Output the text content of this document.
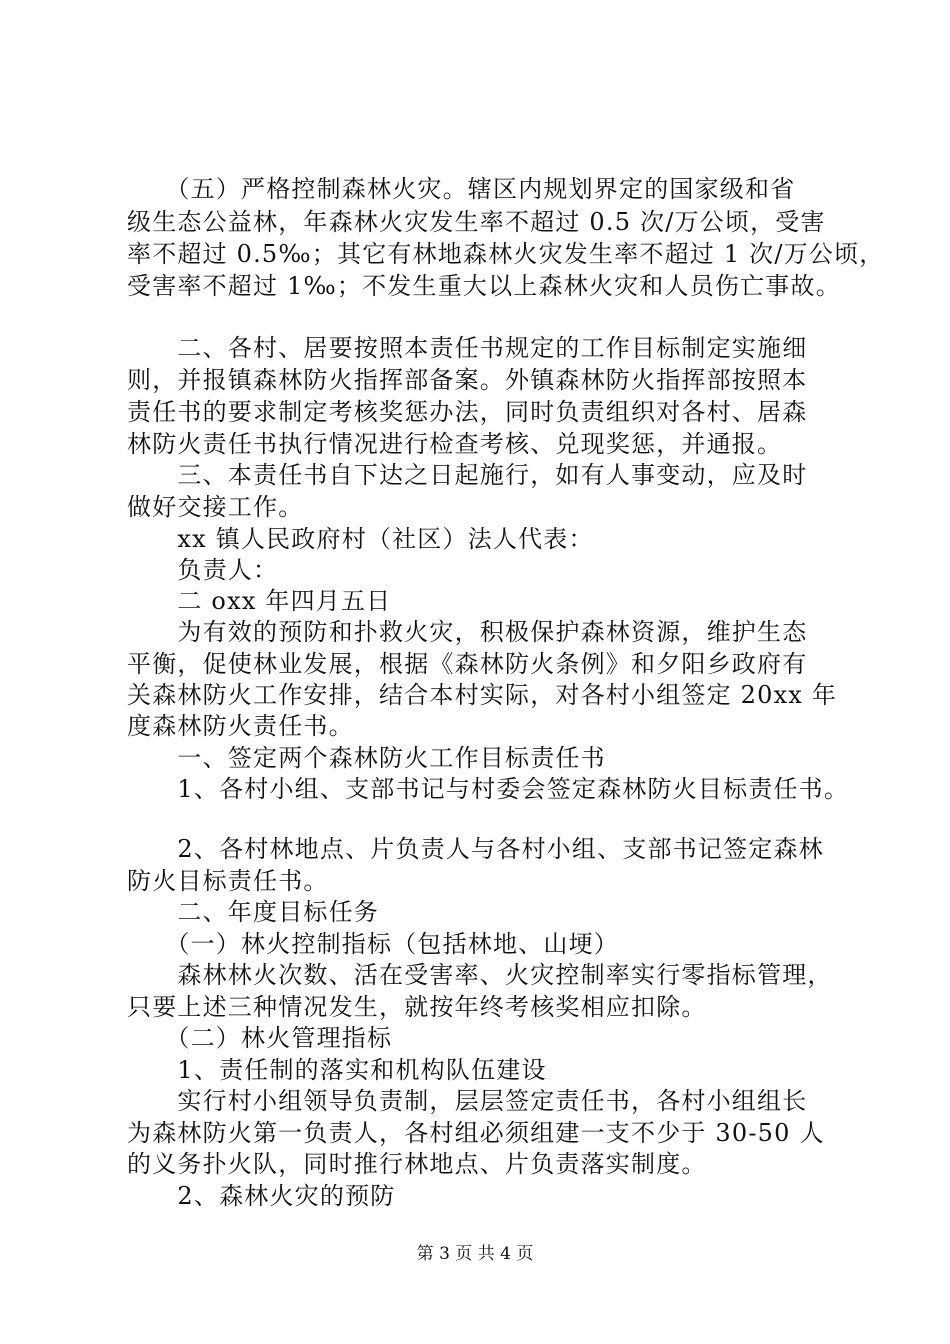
　　（五）严格控制森林火灾。辖区内规划界定的国家级和省
级生态公益林，年森林火灾发生率不超过 0.5 次/万公顷，受害
率不超过 0.5‰；其它有林地森林火灾发生率不超过 1 次/万公顷，
受害率不超过 1‰；不发生重大以上森林火灾和人员伤亡事故。
　　二、各村、居要按照本责任书规定的工作目标制定实施细
则，并报镇森林防火指挥部备案。外镇森林防火指挥部按照本
责任书的要求制定考核奖惩办法，同时负责组织对各村、居森
林防火责任书执行情况进行检查考核、兑现奖惩，并通报。
　　三、本责任书自下达之日起施行，如有人事变动，应及时
做好交接工作。
　　xx 镇人民政府村（社区）法人代表：
　　负责人：
　　二 oxx 年四月五日
　　为有效的预防和扑救火灾，积极保护森林资源，维护生态
平衡，促使林业发展，根据《森林防火条例》和夕阳乡政府有
关森林防火工作安排，结合本村实际，对各村小组签定 20xx 年
度森林防火责任书。
　　一、签定两个森林防火工作目标责任书
　　1、各村小组、支部书记与村委会签定森林防火目标责任书。
　　2、各村林地点、片负责人与各村小组、支部书记签定森林
防火目标责任书。
　　二、年度目标任务
　　（一）林火控制指标（包括林地、山埂）
　　森林林火次数、活在受害率、火灾控制率实行零指标管理，
只要上述三种情况发生，就按年终考核奖相应扣除。
　　（二）林火管理指标
　　1、责任制的落实和机构队伍建设
　　实行村小组领导负责制，层层签定责任书，各村小组组长
为森林防火第一负责人，各村组必须组建一支不少于 30-50 人
的义务扑火队，同时推行林地点、片负责落实制度。
　　2、森林火灾的预防
第 3 页 共 4 页
